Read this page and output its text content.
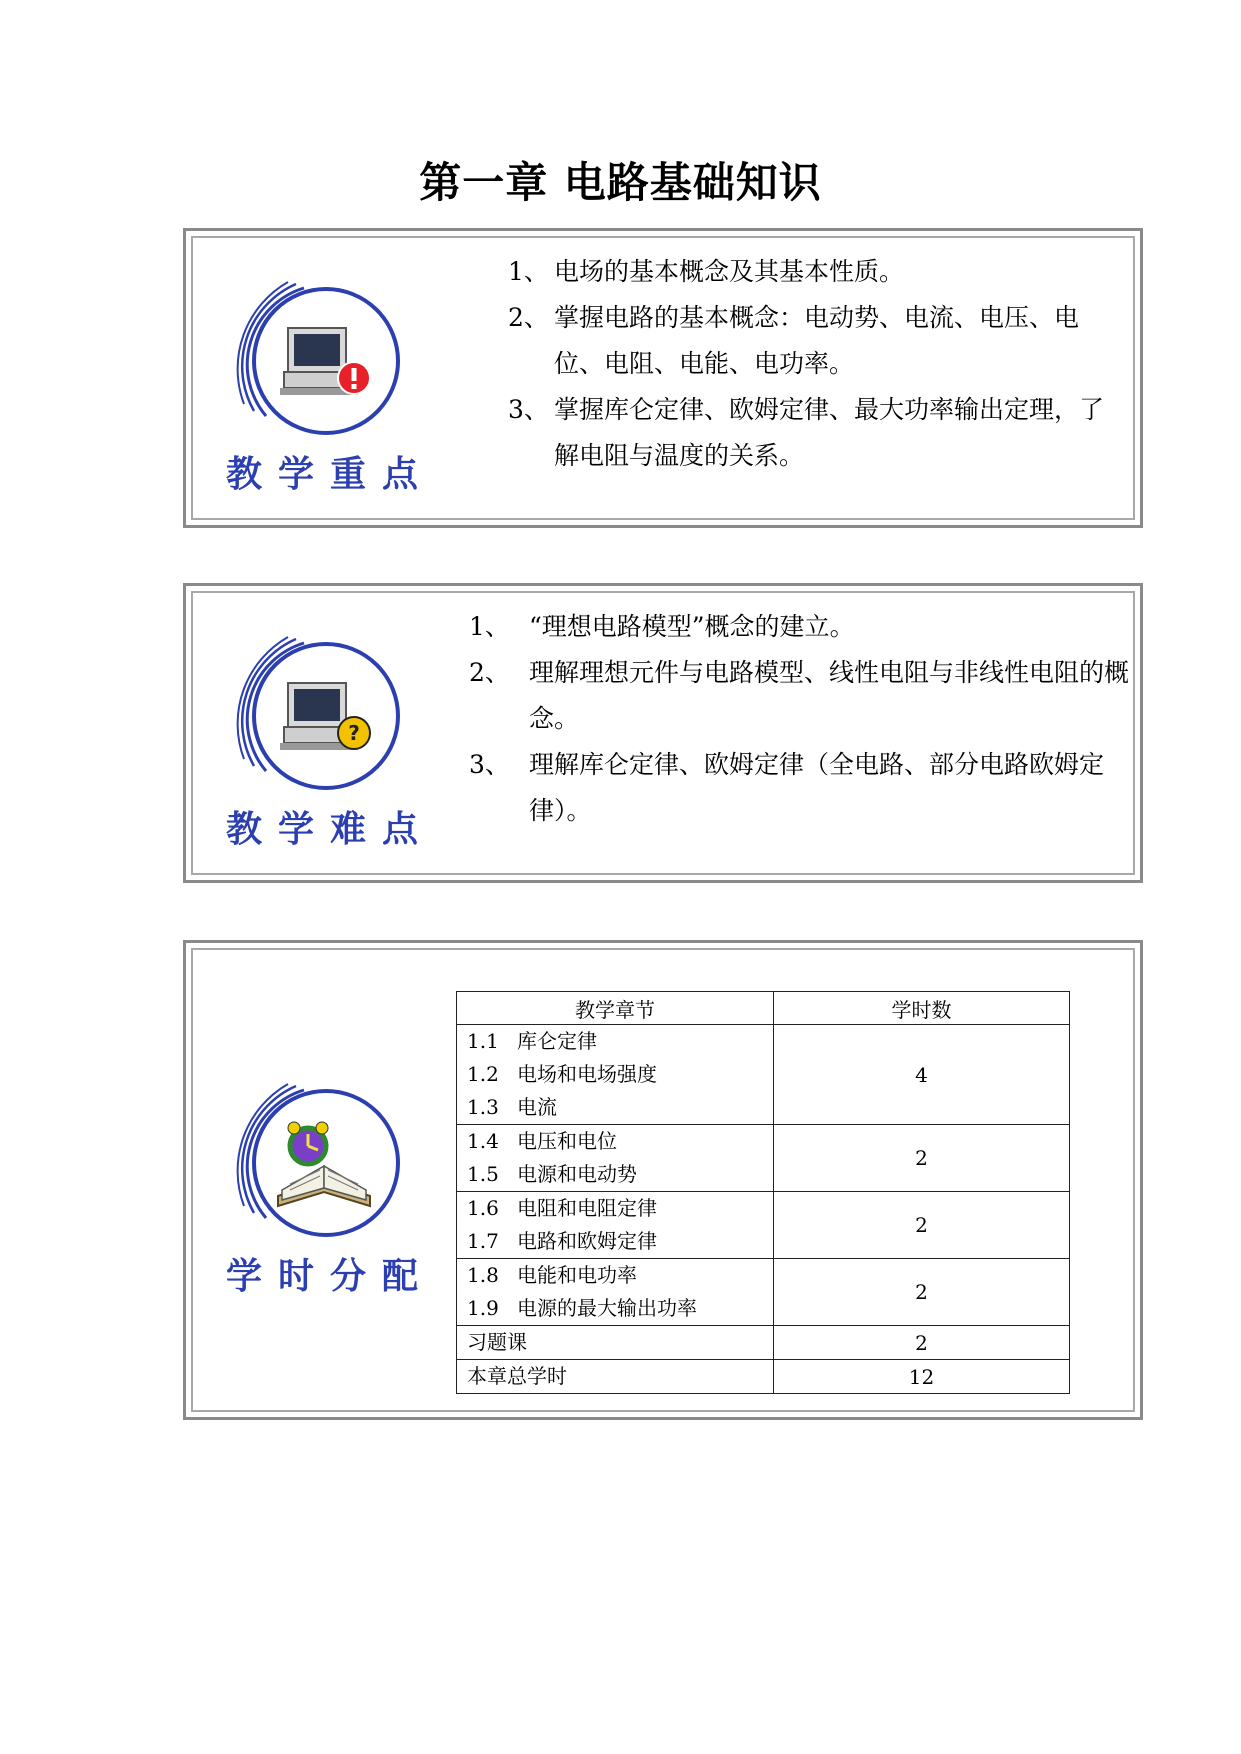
第一章 电路基础知识
教学重点
1、 电场的基本概念及其基本性质。
2、 掌握电路的基本概念：电动势、电流、电压、电位、电阻、电能、电功率。
3、 掌握库仑定律、欧姆定律、最大功率输出定理，了解电阻与温度的关系。
?
教学难点
1、 “理想电路模型”概念的建立。
2、 理解理想元件与电路模型、线性电阻与非线性电阻的概念。
3、 理解库仑定律、欧姆定律（全电路、部分电路欧姆定律）。
学时分配
教学章节	学时数

1.1 库仑定律
1.2 电场和电场强度
1.3 电流	4

1.4 电压和电位
1.5 电源和电动势	2

1.6 电阻和电阻定律
1.7 电路和欧姆定律	2

1.8 电能和电功率
1.9 电源的最大输出功率	2
习题课	2
本章总学时	12
